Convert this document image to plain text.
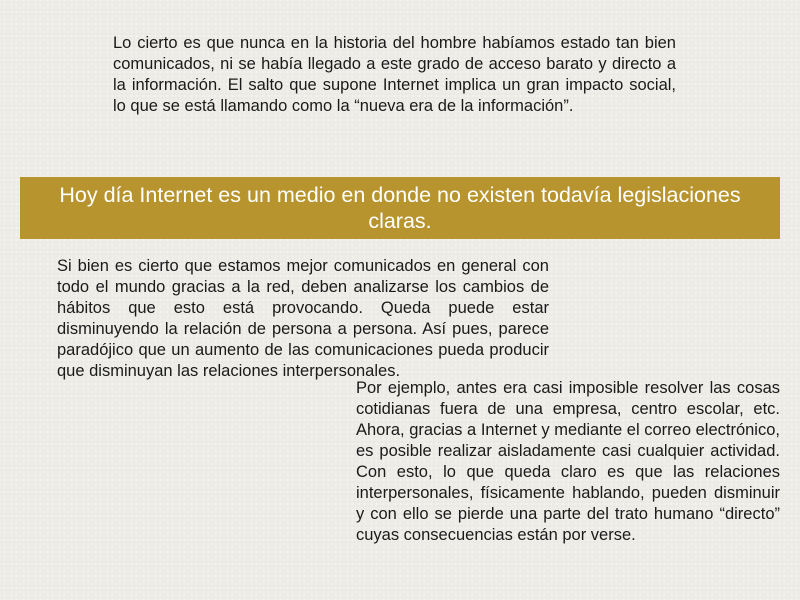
Lo cierto es que nunca en la historia del hombre habíamos estado tan bien comunicados, ni se había llegado a este grado de acceso barato y directo a la información. El salto que supone Internet implica un gran impacto social, lo que se está llamando como la “nueva era de la información”.

Hoy día Internet es un medio en donde no existen todavía legislaciones claras.

Si bien es cierto que estamos mejor comunicados en general con todo el mundo gracias a la red, deben analizarse los cambios de hábitos que esto está provocando. Queda puede estar disminuyendo la relación de persona a persona. Así pues, parece paradójico que un aumento de las comunicaciones pueda producir que disminuyan las relaciones interpersonales.

Por ejemplo, antes era casi imposible resolver las cosas cotidianas fuera de una empresa, centro escolar, etc. Ahora, gracias a Internet y mediante el correo electrónico, es posible realizar aisladamente casi cualquier actividad. Con esto, lo que queda claro es que las relaciones interpersonales, físicamente hablando, pueden disminuir y con ello se pierde una parte del trato humano “directo” cuyas consecuencias están por verse.
